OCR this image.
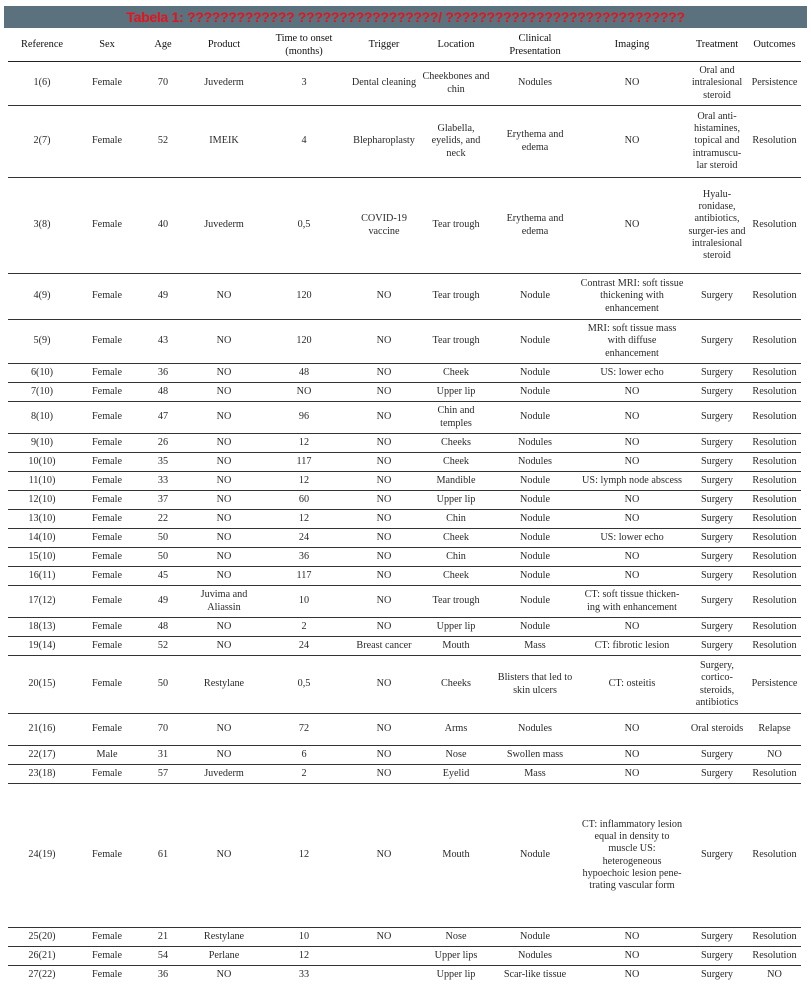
Tabela 1: ????????????? ?????????????????/ ?????????????????????????????
Reference	Sex	Age	Product	Time to onset (months)	Trigger	Location	Clinical Presentation	Imaging	Treatment	Outcomes
1(6)	Female	70	Juvederm	3	Dental cleaning	Cheekbones and chin	Nodules	NO	Oral and intralesional steroid	Persistence
2(7)	Female	52	IMEIK	4	Blepharoplasty	Glabella, eyelids, and neck	Erythema and edema	NO	Oral anti-histamines, topical and intramuscu-lar steroid	Resolution
3(8)	Female	40	Juvederm	0,5	COVID-19 vaccine	Tear trough	Erythema and edema	NO	Hyalu-ronidase, antibiotics, surger-ies and intralesional steroid	Resolution
4(9)	Female	49	NO	120	NO	Tear trough	Nodule	Contrast MRI: soft tissue thickening with enhancement	Surgery	Resolution
5(9)	Female	43	NO	120	NO	Tear trough	Nodule	MRI: soft tissue mass with diffuse enhancement	Surgery	Resolution
6(10)	Female	36	NO	48	NO	Cheek	Nodule	US: lower echo	Surgery	Resolution
7(10)	Female	48	NO	NO	NO	Upper lip	Nodule	NO	Surgery	Resolution
8(10)	Female	47	NO	96	NO	Chin and temples	Nodule	NO	Surgery	Resolution
9(10)	Female	26	NO	12	NO	Cheeks	Nodules	NO	Surgery	Resolution
10(10)	Female	35	NO	117	NO	Cheek	Nodules	NO	Surgery	Resolution
11(10)	Female	33	NO	12	NO	Mandible	Nodule	US: lymph node abscess	Surgery	Resolution
12(10)	Female	37	NO	60	NO	Upper lip	Nodule	NO	Surgery	Resolution
13(10)	Female	22	NO	12	NO	Chin	Nodule	NO	Surgery	Resolution
14(10)	Female	50	NO	24	NO	Cheek	Nodule	US: lower echo	Surgery	Resolution
15(10)	Female	50	NO	36	NO	Chin	Nodule	NO	Surgery	Resolution
16(11)	Female	45	NO	117	NO	Cheek	Nodule	NO	Surgery	Resolution
17(12)	Female	49	Juvima and Aliassin	10	NO	Tear trough	Nodule	CT: soft tissue thicken-ing with enhancement	Surgery	Resolution
18(13)	Female	48	NO	2	NO	Upper lip	Nodule	NO	Surgery	Resolution
19(14)	Female	52	NO	24	Breast cancer	Mouth	Mass	CT: fibrotic lesion	Surgery	Resolution
20(15)	Female	50	Restylane	0,5	NO	Cheeks	Blisters that led to skin ulcers	CT: osteitis	Surgery, cortico-steroids, antibiotics	Persistence
21(16)	Female	70	NO	72	NO	Arms	Nodules	NO	Oral steroids	Relapse
22(17)	Male	31	NO	6	NO	Nose	Swollen mass	NO	Surgery	NO
23(18)	Female	57	Juvederm	2	NO	Eyelid	Mass	NO	Surgery	Resolution
24(19)	Female	61	NO	12	NO	Mouth	Nodule	CT: inflammatory lesion equal in density to muscle US: heterogeneous hypoechoic lesion pene-trating vascular form	Surgery	Resolution
25(20)	Female	21	Restylane	10	NO	Nose	Nodule	NO	Surgery	Resolution
26(21)	Female	54	Perlane	12		Upper lips	Nodules	NO	Surgery	Resolution
27(22)	Female	36	NO	33		Upper lip	Scar-like tissue	NO	Surgery	NO
